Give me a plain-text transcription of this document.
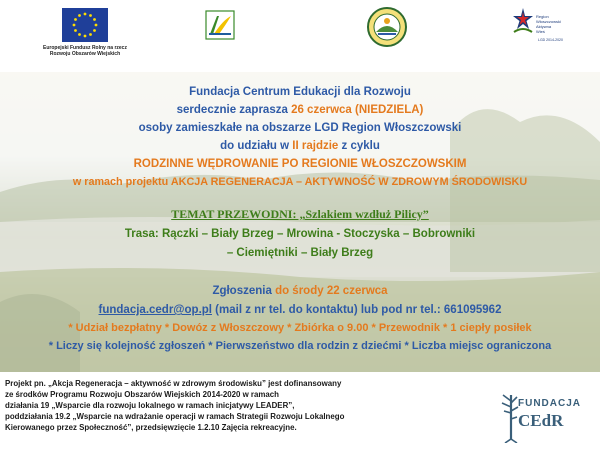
Europejski Fundusz Rolny na rzecz
Rozwoju Obszarów Wiejskich
Region
Włoszczowski
Aktywna
Wieś
LGD 2014-2020
Fundacja Centrum Edukacji dla Rozwoju
serdecznie zaprasza 26 czerwca (NIEDZIELA)
osoby zamieszkałe na obszarze LGD Region Włoszczowski
do udziału w II rajdzie z cyklu
RODZINNE WĘDROWANIE PO REGIONIE WŁOSZCZOWSKIM
w ramach projektu AKCJA REGENERACJA – AKTYWNOŚĆ W ZDROWYM ŚRODOWISKU
TEMAT PRZEWODNI: „Szlakiem wzdłuż Pilicy”
Trasa: Rączki – Biały Brzeg – Mrowina - Stoczyska – Bobrowniki
– Ciemiętniki – Biały Brzeg
Zgłoszenia do środy 22 czerwca
fundacja.cedr@op.pl (mail z nr tel. do kontaktu) lub pod nr tel.: 661095962
* Udział bezpłatny * Dowóz z Włoszczowy * Zbiórka o 9.00 * Przewodnik * 1 ciepły posiłek
* Liczy się kolejność zgłoszeń * Pierwszeństwo dla rodzin z dziećmi * Liczba miejsc ograniczona
Projekt pn. „Akcja Regeneracja – aktywność w zdrowym środowisku” jest dofinansowany
ze środków Programu Rozwoju Obszarów Wiejskich 2014-2020 w ramach
działania 19 „Wsparcie dla rozwoju lokalnego w ramach inicjatywy LEADER”,
poddziałania 19.2 „Wsparcie na wdrażanie operacji w ramach Strategii Rozwoju Lokalnego
Kierowanego przez Społeczność”, przedsięwzięcie 1.2.10 Zajęcia rekreacyjne.
FUNDACJA
CEdR
